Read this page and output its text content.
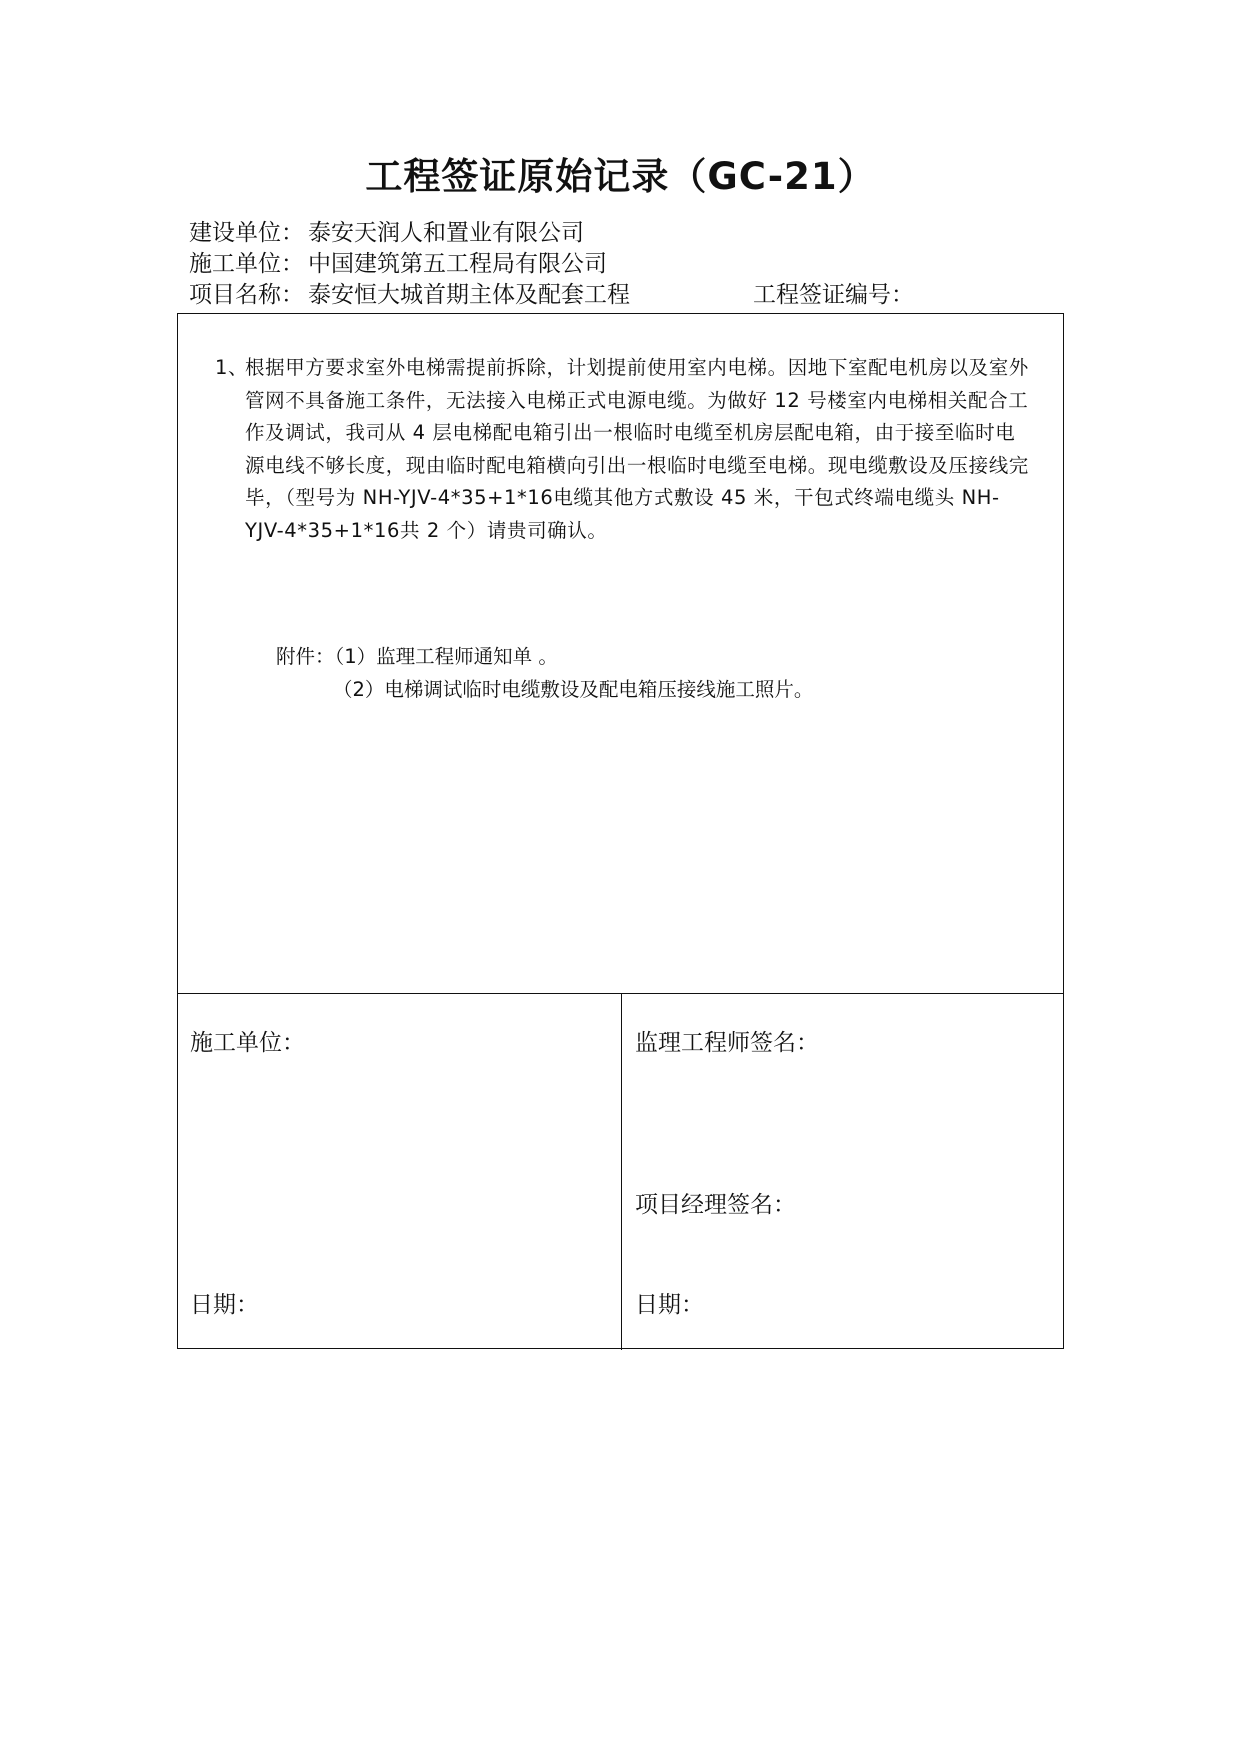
工程签证原始记录（GC-21）
建设单位： 泰安天润人和置业有限公司
施工单位： 中国建筑第五工程局有限公司
项目名称： 泰安恒大城首期主体及配套工程	工程签证编号：
1、
根据甲方要求室外电梯需提前拆除，计划提前使用室内电梯。因地下室配电机房以及室外管网不具备施工条件，无法接入电梯正式电源电缆。为做好 12 号楼室内电梯相关配合工作及调试，我司从 4 层电梯配电箱引出一根临时电缆至机房层配电箱，由于接至临时电源电线不够长度，现由临时配电箱横向引出一根临时电缆至电梯。现电缆敷设及压接线完毕，（型号为 NH-YJV-4*35+1*16电缆其他方式敷设 45 米，干包式终端电缆头 NH-YJV-4*35+1*16共 2 个）请贵司确认。
附件：（1）监理工程师通知单 。
（2）电梯调试临时电缆敷设及配电箱压接线施工照片。
施工单位：	监理工程师签名：
项目经理签名：
日期：	日期：
